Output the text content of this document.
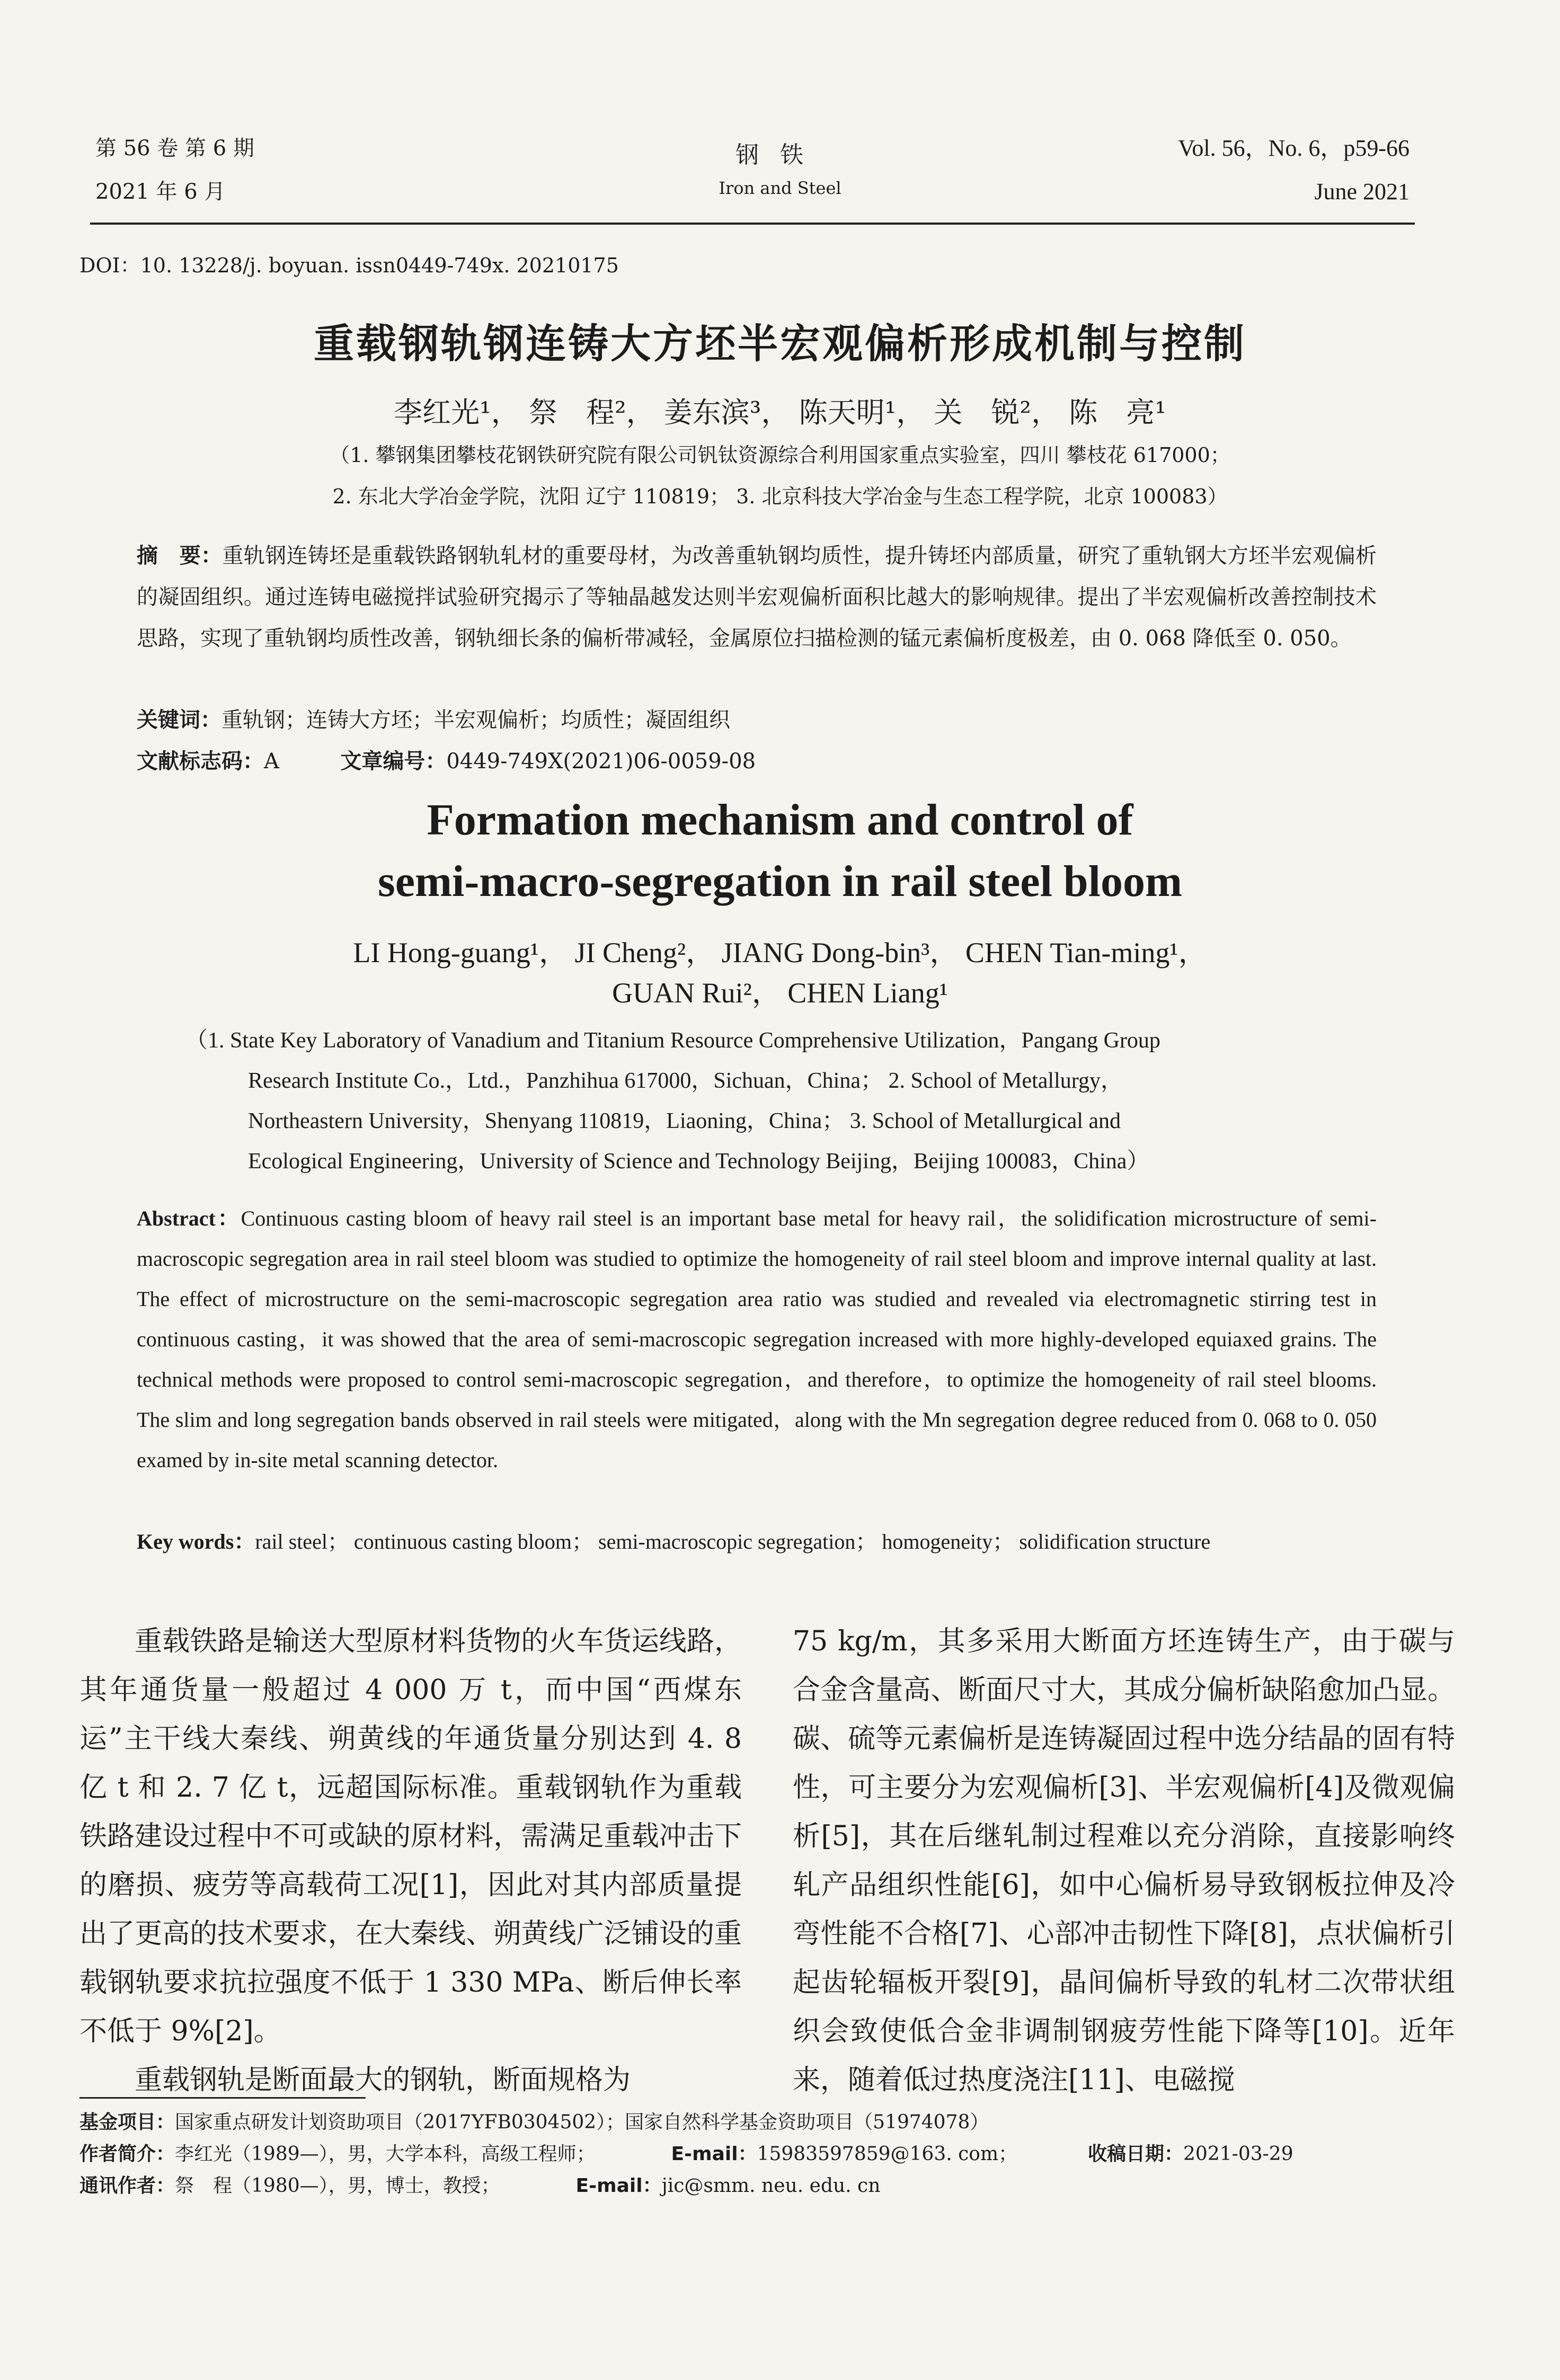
第 56 卷 第 6 期
2021 年 6 月
钢铁
Iron and Steel
Vol. 56，No. 6，p59-66
June 2021
DOI：10. 13228/j. boyuan. issn0449-749x. 20210175
重载钢轨钢连铸大方坯半宏观偏析形成机制与控制
李红光¹， 祭　程²， 姜东滨³， 陈天明¹， 关　锐²， 陈　亮¹
（1. 攀钢集团攀枝花钢铁研究院有限公司钒钛资源综合利用国家重点实验室，四川 攀枝花 617000；
2. 东北大学冶金学院，沈阳 辽宁 110819； 3. 北京科技大学冶金与生态工程学院，北京 100083）
摘　要：重轨钢连铸坯是重载铁路钢轨轧材的重要母材，为改善重轨钢均质性，提升铸坯内部质量，研究了重轨钢大方坯半宏观偏析的凝固组织。通过连铸电磁搅拌试验研究揭示了等轴晶越发达则半宏观偏析面积比越大的影响规律。提出了半宏观偏析改善控制技术思路，实现了重轨钢均质性改善，钢轨细长条的偏析带减轻，金属原位扫描检测的锰元素偏析度极差，由 0. 068 降低至 0. 050。
关键词：重轨钢；连铸大方坯；半宏观偏析；均质性；凝固组织
文献标志码：A	文章编号：0449-749X(2021)06-0059-08
Formation mechanism and control of
semi-macro-segregation in rail steel bloom
LI Hong-guang¹， JI Cheng²， JIANG Dong-bin³， CHEN Tian-ming¹，
GUAN Rui²， CHEN Liang¹
（1. State Key Laboratory of Vanadium and Titanium Resource Comprehensive Utilization，Pangang Group
Research Institute Co.，Ltd.，Panzhihua 617000，Sichuan，China； 2. School of Metallurgy，
Northeastern University，Shenyang 110819，Liaoning，China； 3. School of Metallurgical and
Ecological Engineering，University of Science and Technology Beijing，Beijing 100083，China）
Abstract：Continuous casting bloom of heavy rail steel is an important base metal for heavy rail，the solidification microstructure of semi-macroscopic segregation area in rail steel bloom was studied to optimize the homogeneity of rail steel bloom and improve internal quality at last. The effect of microstructure on the semi-macroscopic segregation area ratio was studied and revealed via electromagnetic stirring test in continuous casting，it was showed that the area of semi-macroscopic segregation increased with more highly-developed equiaxed grains. The technical methods were proposed to control semi-macroscopic segregation，and therefore，to optimize the homogeneity of rail steel blooms. The slim and long segregation bands observed in rail steels were mitigated，along with the Mn segregation degree reduced from 0. 068 to 0. 050 examed by in-site metal scanning detector.
Key words：rail steel； continuous casting bloom； semi-macroscopic segregation； homogeneity； solidification structure
重载铁路是输送大型原材料货物的火车货运线路，其年通货量一般超过 4 000 万 t，而中国“西煤东运”主干线大秦线、朔黄线的年通货量分别达到 4. 8 亿 t 和 2. 7 亿 t，远超国际标准。重载钢轨作为重载铁路建设过程中不可或缺的原材料，需满足重载冲击下的磨损、疲劳等高载荷工况[1]，因此对其内部质量提出了更高的技术要求，在大秦线、朔黄线广泛铺设的重载钢轨要求抗拉强度不低于 1 330 MPa、断后伸长率不低于 9%[2]。
重载钢轨是断面最大的钢轨，断面规格为
75 kg/m，其多采用大断面方坯连铸生产，由于碳与合金含量高、断面尺寸大，其成分偏析缺陷愈加凸显。碳、硫等元素偏析是连铸凝固过程中选分结晶的固有特性，可主要分为宏观偏析[3]、半宏观偏析[4]及微观偏析[5]，其在后继轧制过程难以充分消除，直接影响终轧产品组织性能[6]，如中心偏析易导致钢板拉伸及冷弯性能不合格[7]、心部冲击韧性下降[8]，点状偏析引起齿轮辐板开裂[9]，晶间偏析导致的轧材二次带状组织会致使低合金非调制钢疲劳性能下降等[10]。近年来，随着低过热度浇注[11]、电磁搅
基金项目：国家重点研发计划资助项目（2017YFB0304502）；国家自然科学基金资助项目（51974078）
作者简介：李红光（1989—），男，大学本科，高级工程师；	E-mail：15983597859@163. com；	收稿日期：2021-03-29
通讯作者：祭　程（1980—），男，博士，教授；	E-mail：jic@smm. neu. edu. cn
